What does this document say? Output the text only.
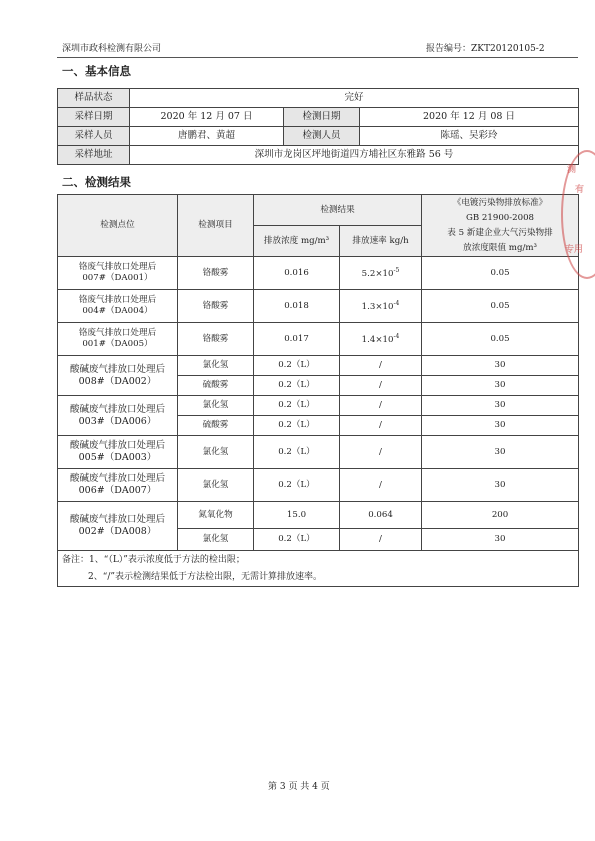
深圳市政科检测有限公司	报告编号：ZKT20120105-2
一、基本信息
样品状态	完好		
采样日期	2020 年 12 月 07 日	检测日期	2020 年 12 月 08 日
采样人员	唐鹏君、黄超	检测人员	陈瑶、吴彩玲
采样地址	深圳市龙岗区坪地街道四方埔社区东雅路 56 号		
二、检测结果
检测点位	检测项目	检测结果		《电镀污染物排放标准》
GB 21900-2008
表 5 新建企业大气污染物排
放浓度限值 mg/m³

		排放浓度 mg/m³	排放速率 kg/h	

铬废气排放口处理后
007#（DA001）	铬酸雾	0.016	$5.2\times 10^{-5}$	0.05

铬废气排放口处理后
004#（DA004）	铬酸雾	0.018	$1.3\times 10^{-4}$	0.05

铬废气排放口处理后
001#（DA005）	铬酸雾	0.017	$1.4\times 10^{-4}$	0.05

酸碱废气排放口处理后
008#（DA002）	氯化氢	0.2（L）	/	30
	硫酸雾	0.2（L）	/	30

酸碱废气排放口处理后
003#（DA006）	氯化氢	0.2（L）	/	30
	硫酸雾	0.2（L）	/	30

酸碱废气排放口处理后
005#（DA003）	氯化氢	0.2（L）	/	30

酸碱废气排放口处理后
006#（DA007）	氯化氢	0.2（L）	/	30

酸碱废气排放口处理后
002#（DA008）	氮氧化物	15.0	0.064	200
	氯化氢	0.2（L）	/	30

备注：1、“（L）”表示浓度低于方法的检出限；
2、“/”表示检测结果低于方法检出限，无需计算排放速率。				
测
有
专用
第 3 页 共 4 页
